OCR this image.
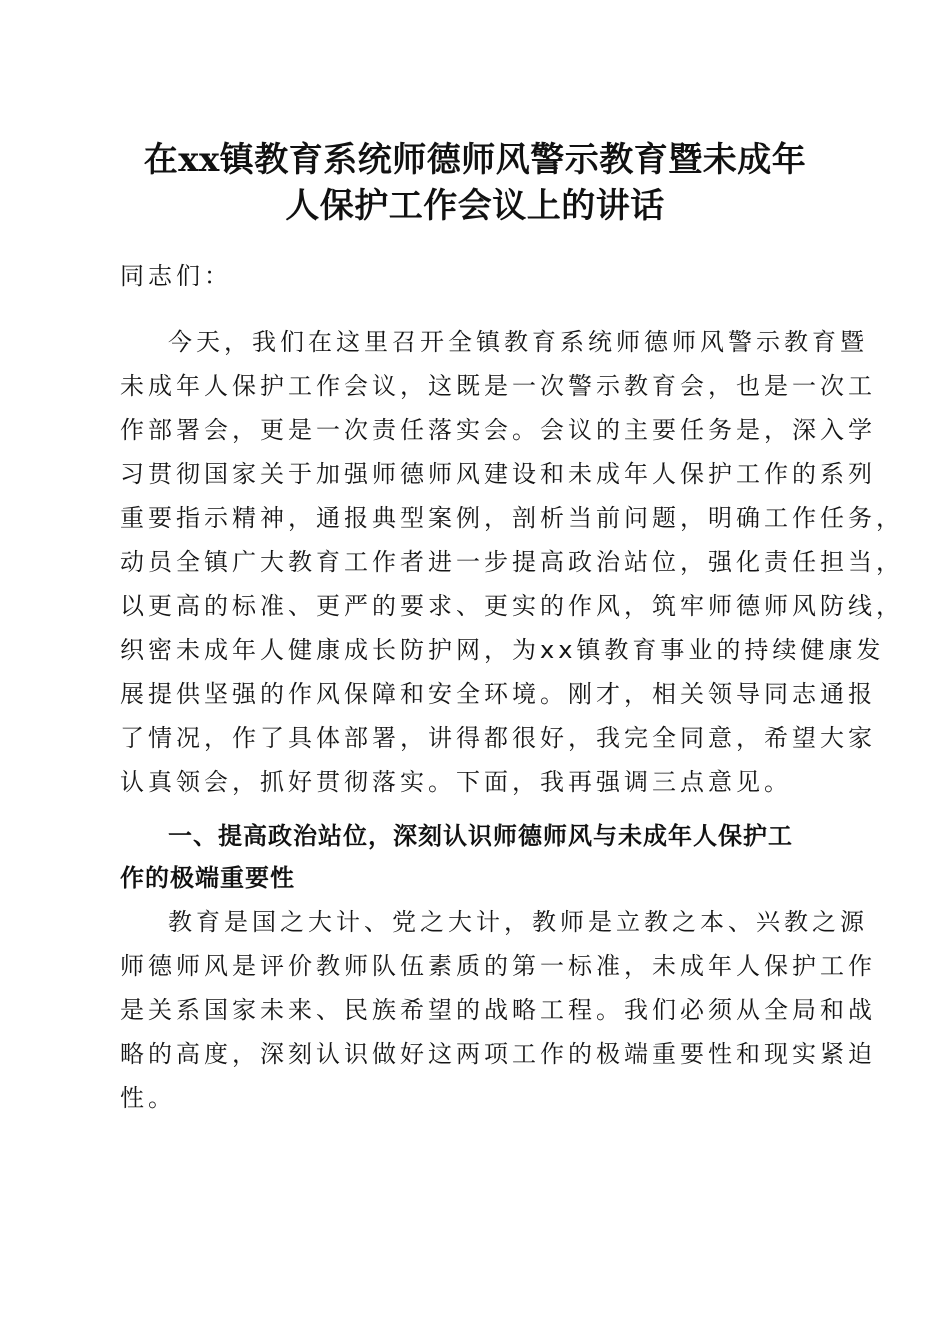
在xx镇教育系统师德师风警示教育暨未成年
人保护工作会议上的讲话

同志们：

今天，我们在这里召开全镇教育系统师德师风警示教育暨

未成年人保护工作会议，这既是一次警示教育会，也是一次工

作部署会，更是一次责任落实会。会议的主要任务是，深入学

习贯彻国家关于加强师德师风建设和未成年人保护工作的系列

重要指示精神，通报典型案例，剖析当前问题，明确工作任务，

动员全镇广大教育工作者进一步提高政治站位，强化责任担当，

以更高的标准、更严的要求、更实的作风，筑牢师德师风防线，

织密未成年人健康成长防护网，为xx镇教育事业的持续健康发

展提供坚强的作风保障和安全环境。刚才，相关领导同志通报

了情况，作了具体部署，讲得都很好，我完全同意，希望大家

认真领会，抓好贯彻落实。下面，我再强调三点意见。

一、提高政治站位，深刻认识师德师风与未成年人保护工

作的极端重要性

教育是国之大计、党之大计，教师是立教之本、兴教之源

师德师风是评价教师队伍素质的第一标准，未成年人保护工作

是关系国家未来、民族希望的战略工程。我们必须从全局和战

略的高度，深刻认识做好这两项工作的极端重要性和现实紧迫

性。
